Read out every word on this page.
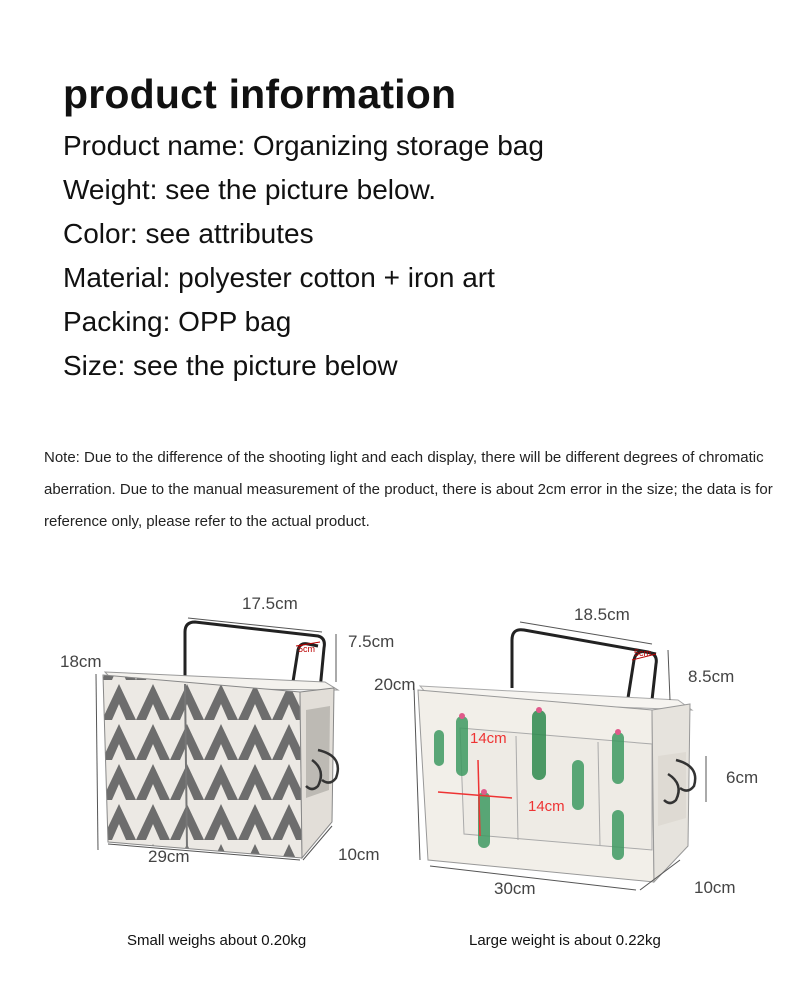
product information
Product name: Organizing storage bag
Weight: see the picture below.
Color: see attributes
Material: polyester cotton + iron art
Packing: OPP bag
Size: see the picture below
Note: Due to the difference of the shooting light and each display, there will be different degrees of chromatic aberration. Due to the manual measurement of the product, there is about 2cm error in the size; the data is for reference only, please refer to the actual product.
17.5cm
7.5cm
5cm
18cm
29cm	10cm
18.5cm
8.5cm
5cm
20cm
14cm
14cm
6cm
30cm	10cm
Small weighs about 0.20kg	Large weight is about 0.22kg
